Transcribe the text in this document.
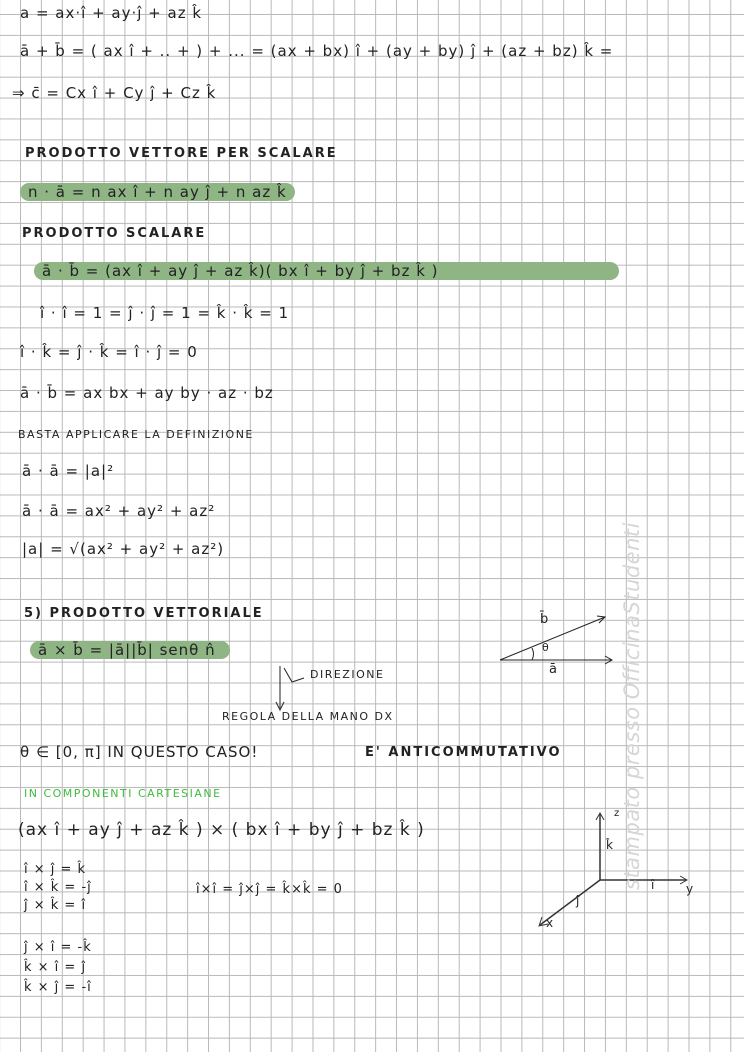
a = ax·î + ay·ĵ + az k̂
ā + b̄ = ( ax î + .. + ) + ... = (ax + bx) î + (ay + by) ĵ + (az + bz) k̂ =
⇒ c̄ = Cx î + Cy ĵ + Cz k̂
PRODOTTO VETTORE PER SCALARE
n · ā = n ax î + n ay ĵ + n az k̂
PRODOTTO SCALARE
ā · b̄ = (ax î + ay ĵ + az k̂)( bx î + by ĵ + bz k̂ )
î · î = 1 = ĵ · ĵ = 1 = k̂ · k̂ = 1
î · k̂ = ĵ · k̂ = î · ĵ = 0
ā · b̄ = ax bx + ay by · az · bz
BASTA APPLICARE LA DEFINIZIONE
ā · ā = |a|²
ā · ā = ax² + ay² + az²
|a| = √(ax² + ay² + az²)
5) PRODOTTO VETTORIALE
ā × b̄ = |ā||b̄| senθ n̂
DIREZIONE
REGOLA DELLA MANO DX
θ ∈ [0, π] IN QUESTO CASO!	E' ANTICOMMUTATIVO
IN COMPONENTI CARTESIANE
(ax î + ay ĵ + az k̂ ) × ( bx î + by ĵ + bz k̂ )
î × ĵ = k̂
î × k̂ = -ĵ
ĵ × k̂ = î
î×î = ĵ×ĵ = k̂×k̂ = 0
ĵ × î = -k̂
k̂ × î = ĵ
k̂ × ĵ = -î
b̄
θ
ā
z
k̂
î	y
ĵ
x
stampato presso OfficinaStudenti
